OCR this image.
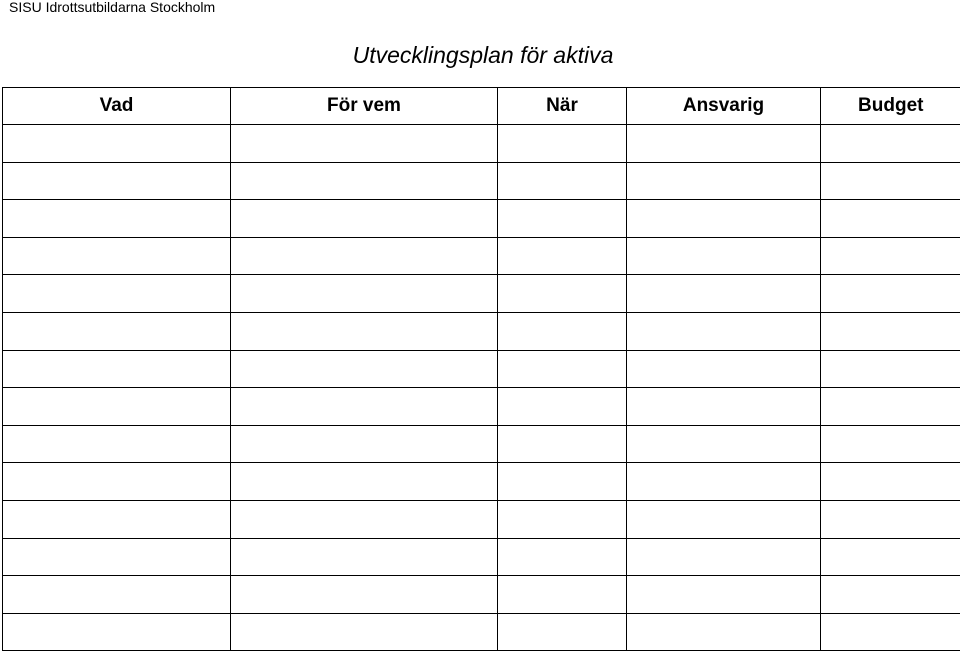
SISU Idrottsutbildarna Stockholm
Utvecklingsplan för aktiva
Vad	För vem	När	Ansvarig	Budget
